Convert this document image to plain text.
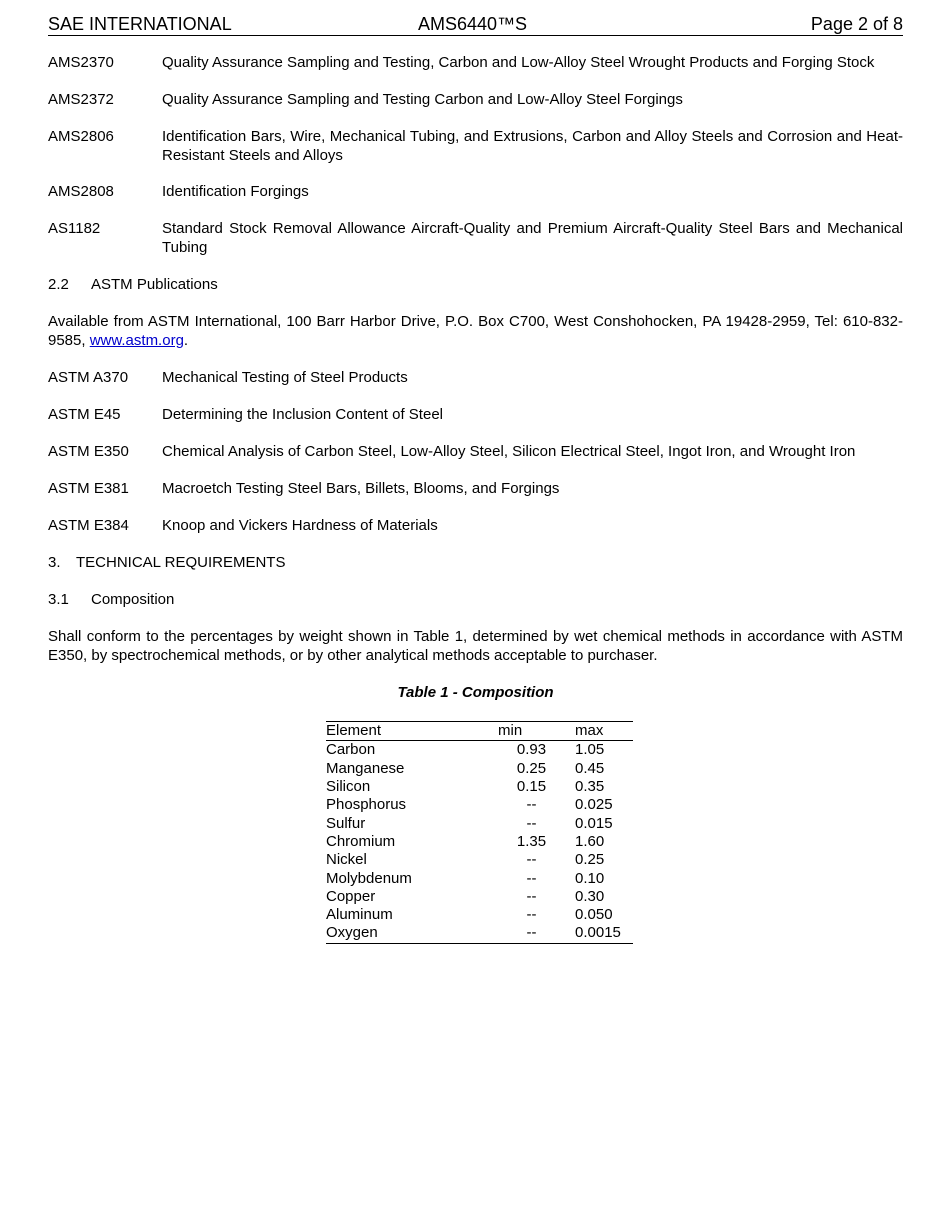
SAE INTERNATIONAL	AMS6440™S	Page 2 of 8
AMS2370	Quality Assurance Sampling and Testing, Carbon and Low-Alloy Steel Wrought Products and Forging Stock
AMS2372	Quality Assurance Sampling and Testing Carbon and Low-Alloy Steel Forgings
AMS2806	Identification Bars, Wire, Mechanical Tubing, and Extrusions, Carbon and Alloy Steels and Corrosion and Heat-Resistant Steels and Alloys
AMS2808	Identification Forgings
AS1182	Standard Stock Removal Allowance Aircraft-Quality and Premium Aircraft-Quality Steel Bars and Mechanical Tubing
2.2 ASTM Publications
Available from ASTM International, 100 Barr Harbor Drive, P.O. Box C700, West Conshohocken, PA 19428-2959, Tel: 610-832-9585, www.astm.org.
ASTM A370 Mechanical Testing of Steel Products
ASTM E45	Determining the Inclusion Content of Steel
ASTM E350 Chemical Analysis of Carbon Steel, Low-Alloy Steel, Silicon Electrical Steel, Ingot Iron, and Wrought Iron
ASTM E381 Macroetch Testing Steel Bars, Billets, Blooms, and Forgings
ASTM E384 Knoop and Vickers Hardness of Materials
3. TECHNICAL REQUIREMENTS
3.1 Composition
Shall conform to the percentages by weight shown in Table 1, determined by wet chemical methods in accordance with ASTM E350, by spectrochemical methods, or by other analytical methods acceptable to purchaser.
Table 1 - Composition
Element	min	max
Carbon	0.93	1.05
Manganese	0.25	0.45
Silicon	0.15	0.35
Phosphorus	--	0.025
Sulfur	--	0.015
Chromium	1.35	1.60
Nickel	--	0.25
Molybdenum	--	0.10
Copper	--	0.30
Aluminum	--	0.050
Oxygen	--	0.0015
